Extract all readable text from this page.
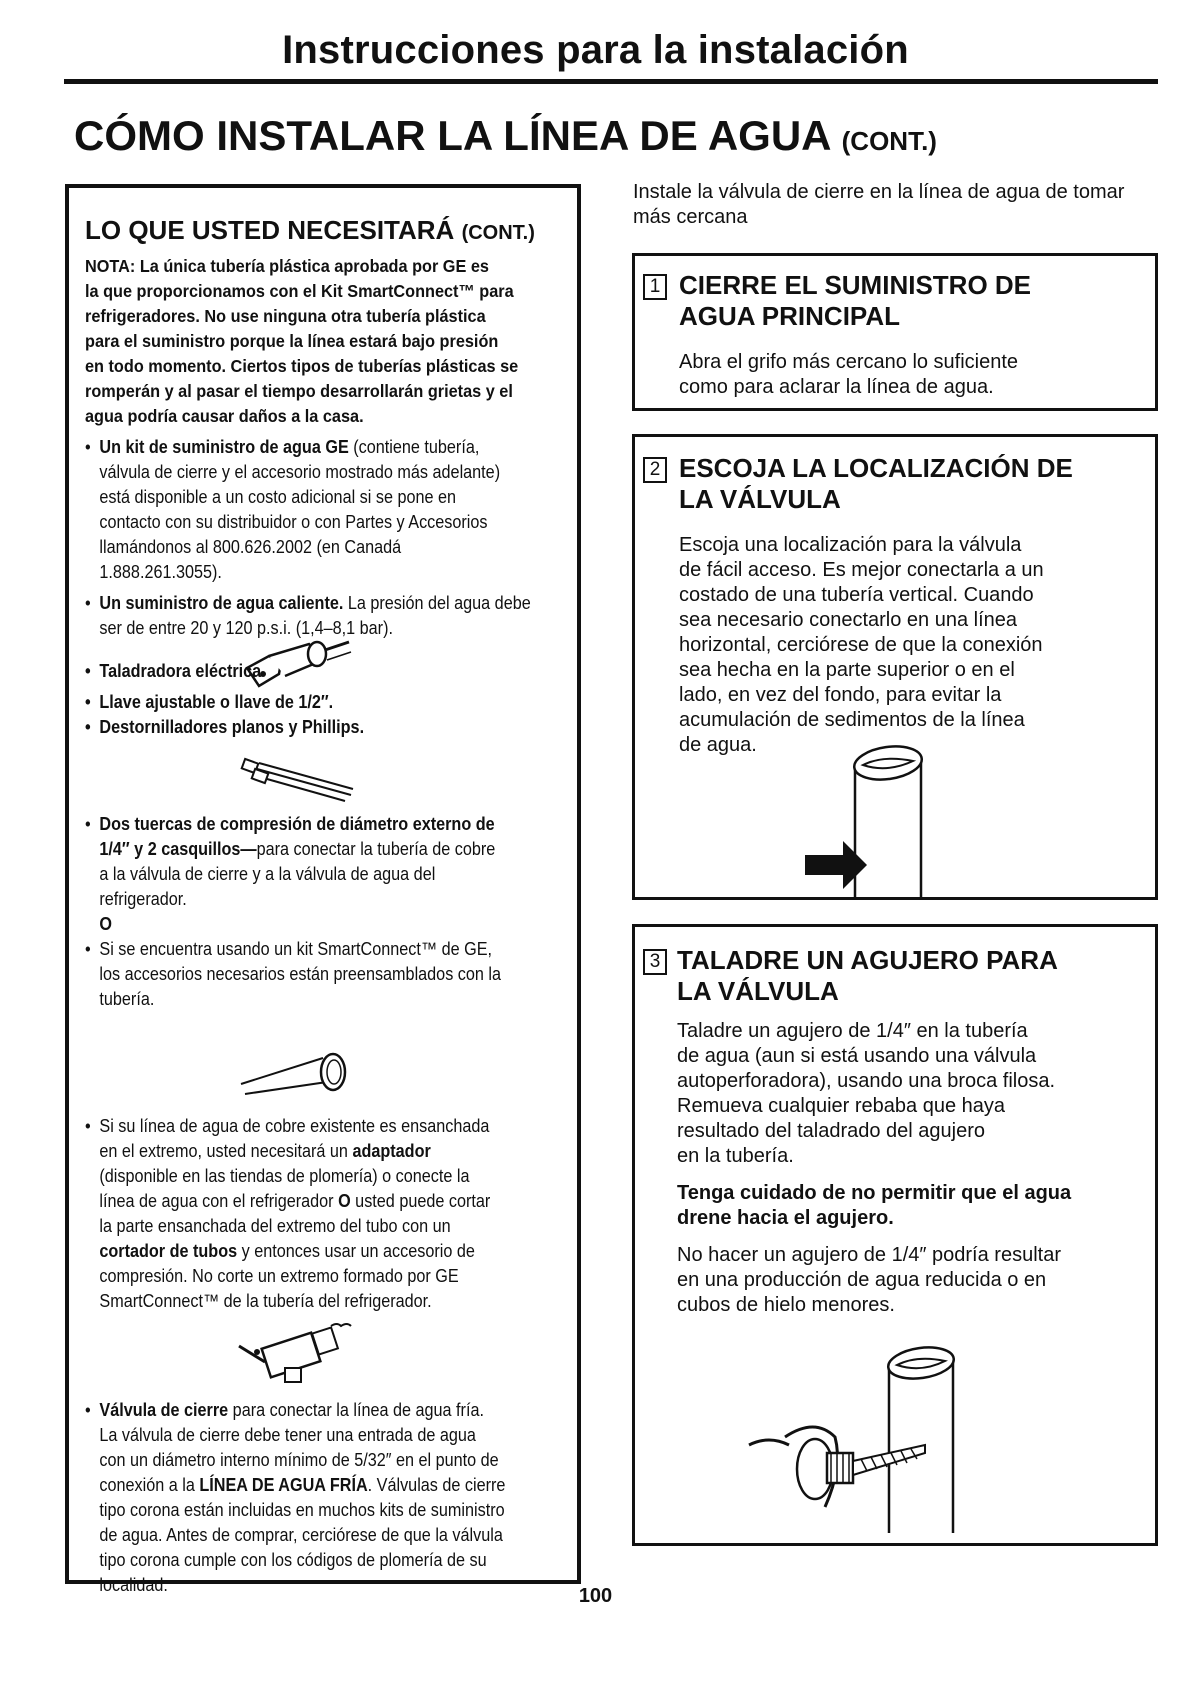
Instrucciones para la instalación
CÓMO INSTALAR LA LÍNEA DE AGUA (CONT.)
LO QUE USTED NECESITARÁ (CONT.)
NOTA: La única tubería plástica aprobada por GE es
la que proporcionamos con el Kit SmartConnect™ para
refrigeradores. No use ninguna otra tubería plástica
para el suministro porque la línea estará bajo presión
en todo momento. Ciertos tipos de tuberías plásticas se
romperán y al pasar el tiempo desarrollarán grietas y el
agua podría causar daños a la casa.
• Un kit de suministro de agua GE (contiene tubería,
válvula de cierre y el accesorio mostrado más adelante)
está disponible a un costo adicional si se pone en
contacto con su distribuidor o con Partes y Accesorios
llamándonos al 800.626.2002 (en Canadá
1.888.261.3055).
• Un suministro de agua caliente. La presión del agua debe
ser de entre 20 y 120 p.s.i. (1,4–8,1 bar).
• Taladradora eléctrica
• Llave ajustable o llave de 1/2″.
• Destornilladores planos y Phillips.
• Dos tuercas de compresión de diámetro externo de
1/4″ y 2 casquillos—para conectar la tubería de cobre
a la válvula de cierre y a la válvula de agua del
refrigerador.
O
• Si se encuentra usando un kit SmartConnect™ de GE,
los accesorios necesarios están preensamblados con la
tubería.
• Si su línea de agua de cobre existente es ensanchada
en el extremo, usted necesitará un adaptador
(disponible en las tiendas de plomería) o conecte la
línea de agua con el refrigerador O usted puede cortar
la parte ensanchada del extremo del tubo con un
cortador de tubos y entonces usar un accesorio de
compresión. No corte un extremo formado por GE
SmartConnect™ de la tubería del refrigerador.
• Válvula de cierre para conectar la línea de agua fría.
La válvula de cierre debe tener una entrada de agua
con un diámetro interno mínimo de 5/32″ en el punto de
conexión a la LÍNEA DE AGUA FRÍA. Válvulas de cierre
tipo corona están incluidas en muchos kits de suministro
de agua. Antes de comprar, cerciórese de que la válvula
tipo corona cumple con los códigos de plomería de su
localidad.
Instale la válvula de cierre en la línea de agua de tomar más cercana
1 CIERRE EL SUMINISTRO DE
AGUA PRINCIPAL
Abra el grifo más cercano lo suficiente
como para aclarar la línea de agua.
2 ESCOJA LA LOCALIZACIÓN DE
LA VÁLVULA
Escoja una localización para la válvula
de fácil acceso. Es mejor conectarla a un
costado de una tubería vertical. Cuando
sea necesario conectarlo en una línea
horizontal, cerciórese de que la conexión
sea hecha en la parte superior o en el
lado, en vez del fondo, para evitar la
acumulación de sedimentos de la línea
de agua.
3 TALADRE UN AGUJERO PARA
LA VÁLVULA
Taladre un agujero de 1/4″ en la tubería
de agua (aun si está usando una válvula
autoperforadora), usando una broca filosa.
Remueva cualquier rebaba que haya
resultado del taladrado del agujero
en la tubería.
Tenga cuidado de no permitir que el agua
drene hacia el agujero.
No hacer un agujero de 1/4″ podría resultar
en una producción de agua reducida o en
cubos de hielo menores.
100
